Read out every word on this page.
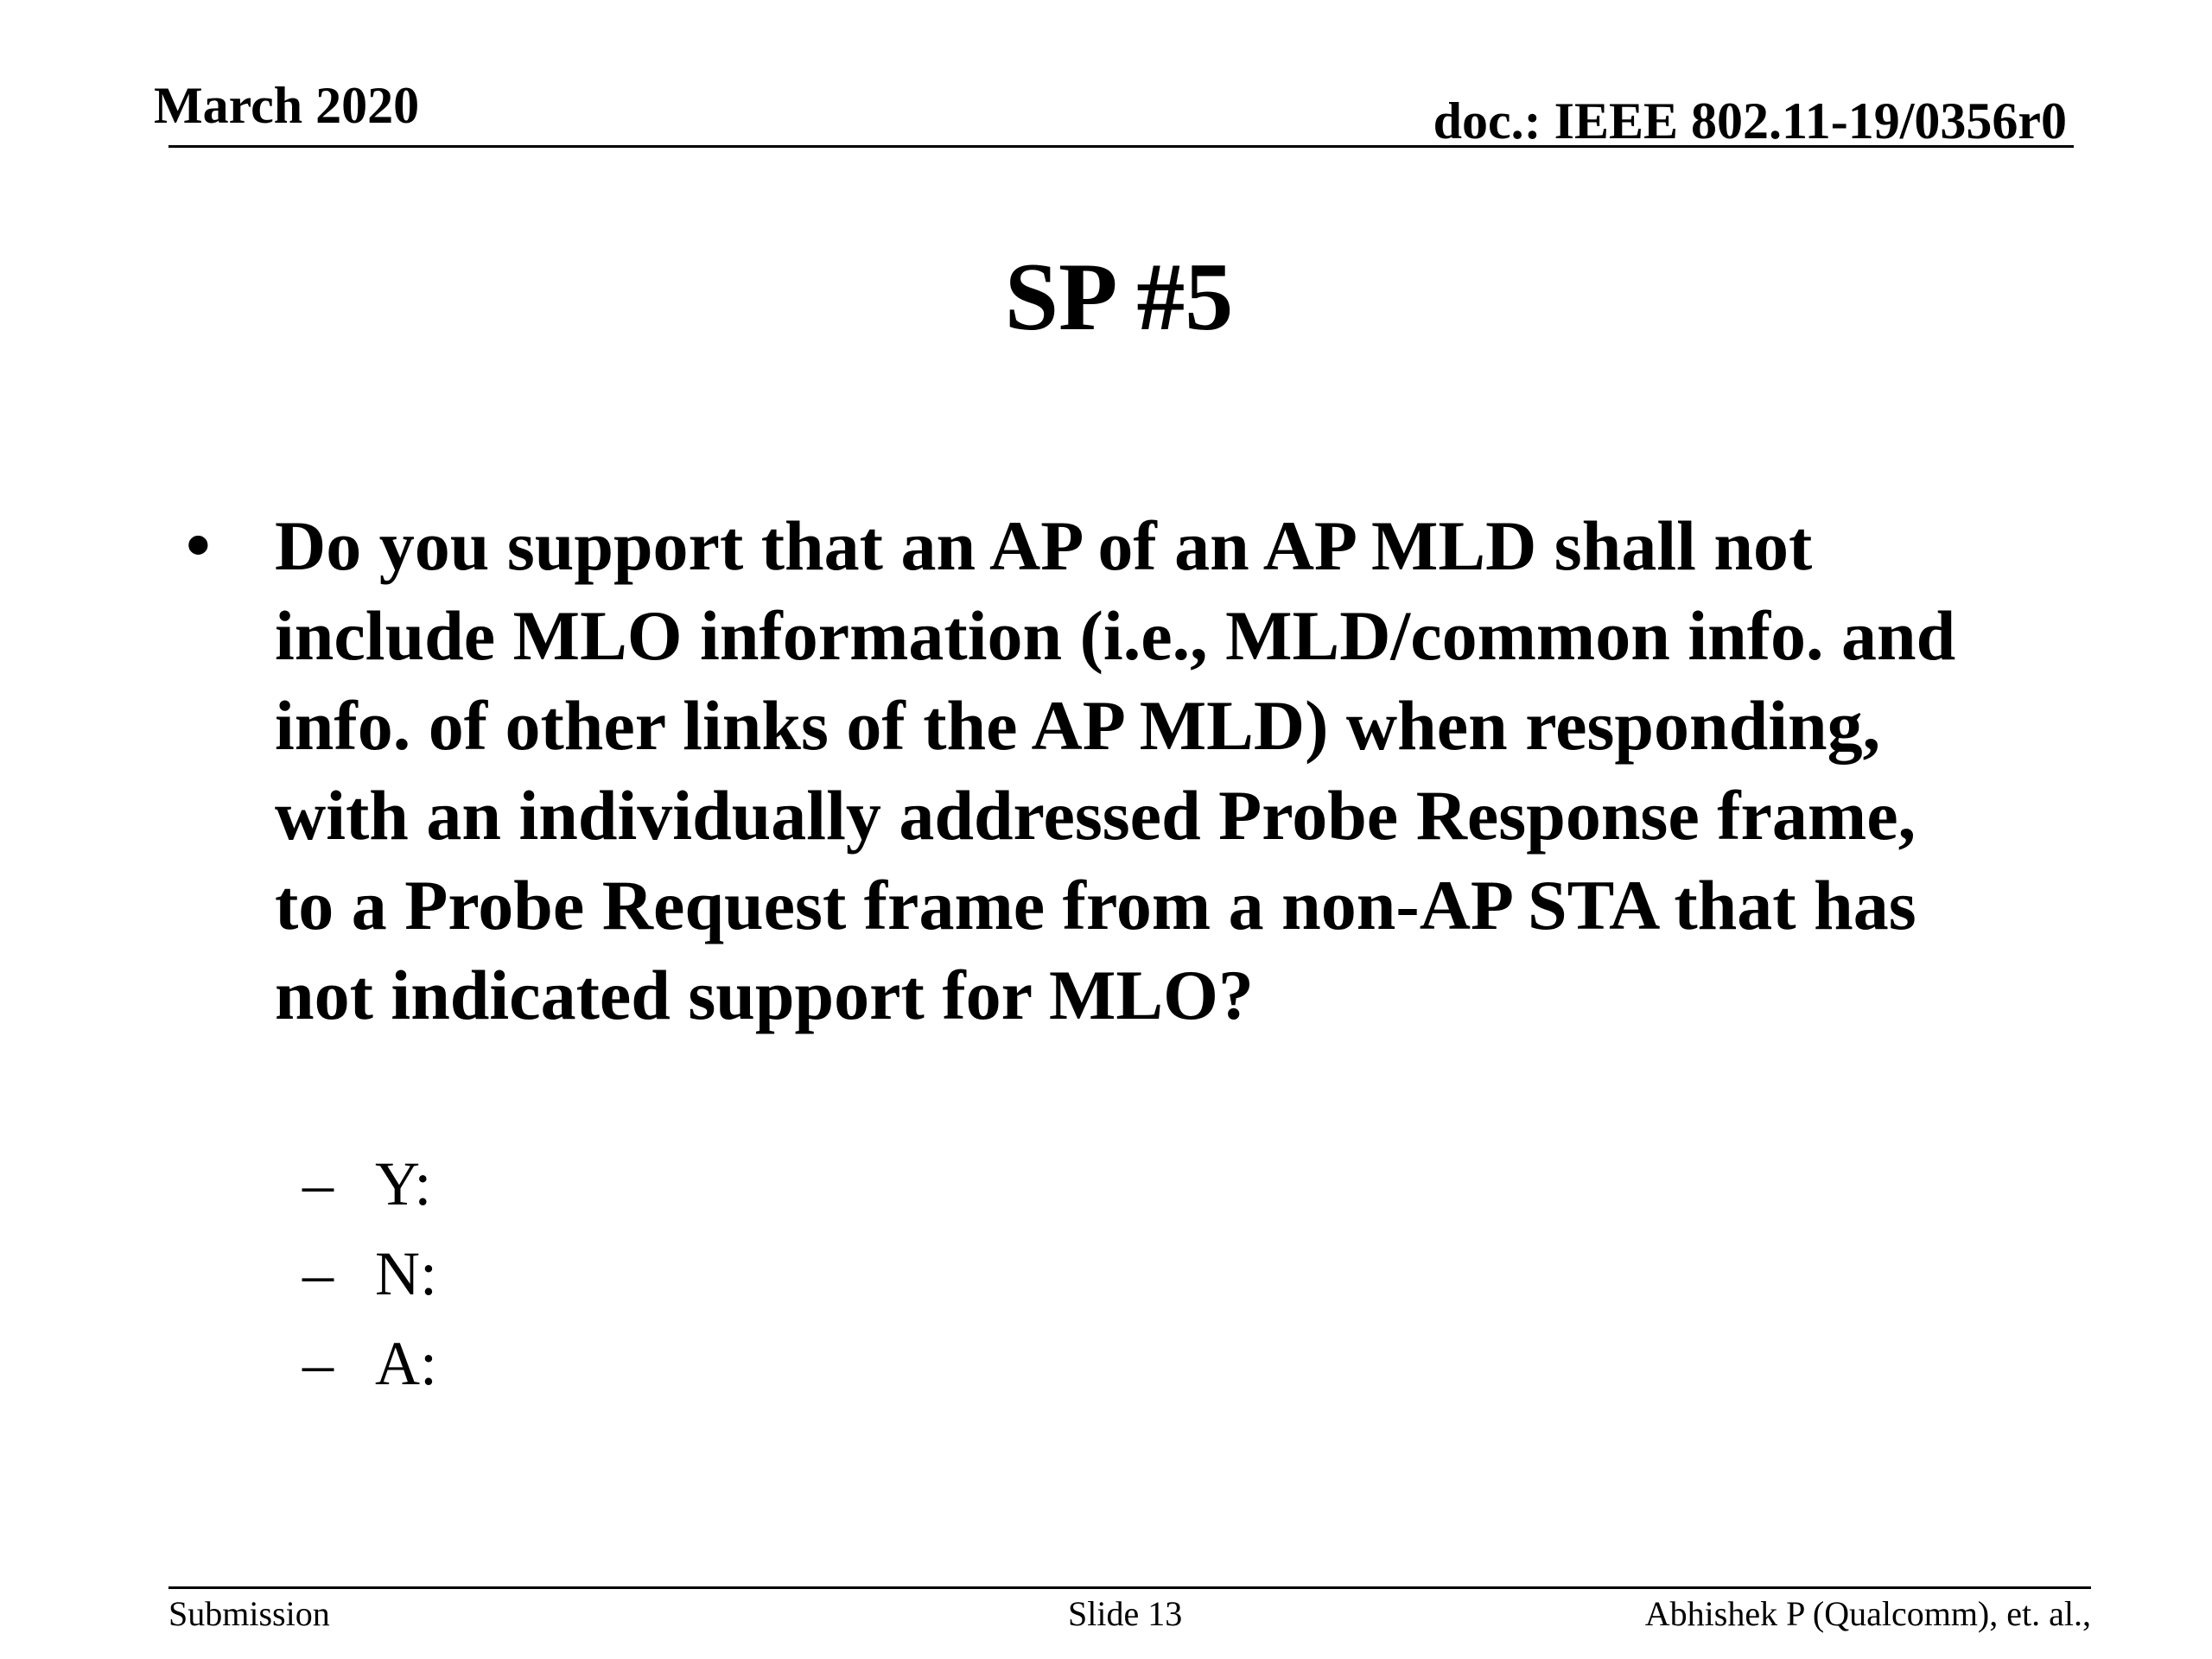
March 2020	doc.: IEEE 802.11-19/0356r0
SP #5
• Do you support that an AP of an AP MLD shall not
include MLO information (i.e., MLD/common info. and
info. of other links of the AP MLD) when responding,
with an individually addressed Probe Response frame,
to a Probe Request frame from a non-AP STA that has
not indicated support for MLO?
– Y:
– N:
– A:
Submission	Slide 13	Abhishek P (Qualcomm), et. al.,
